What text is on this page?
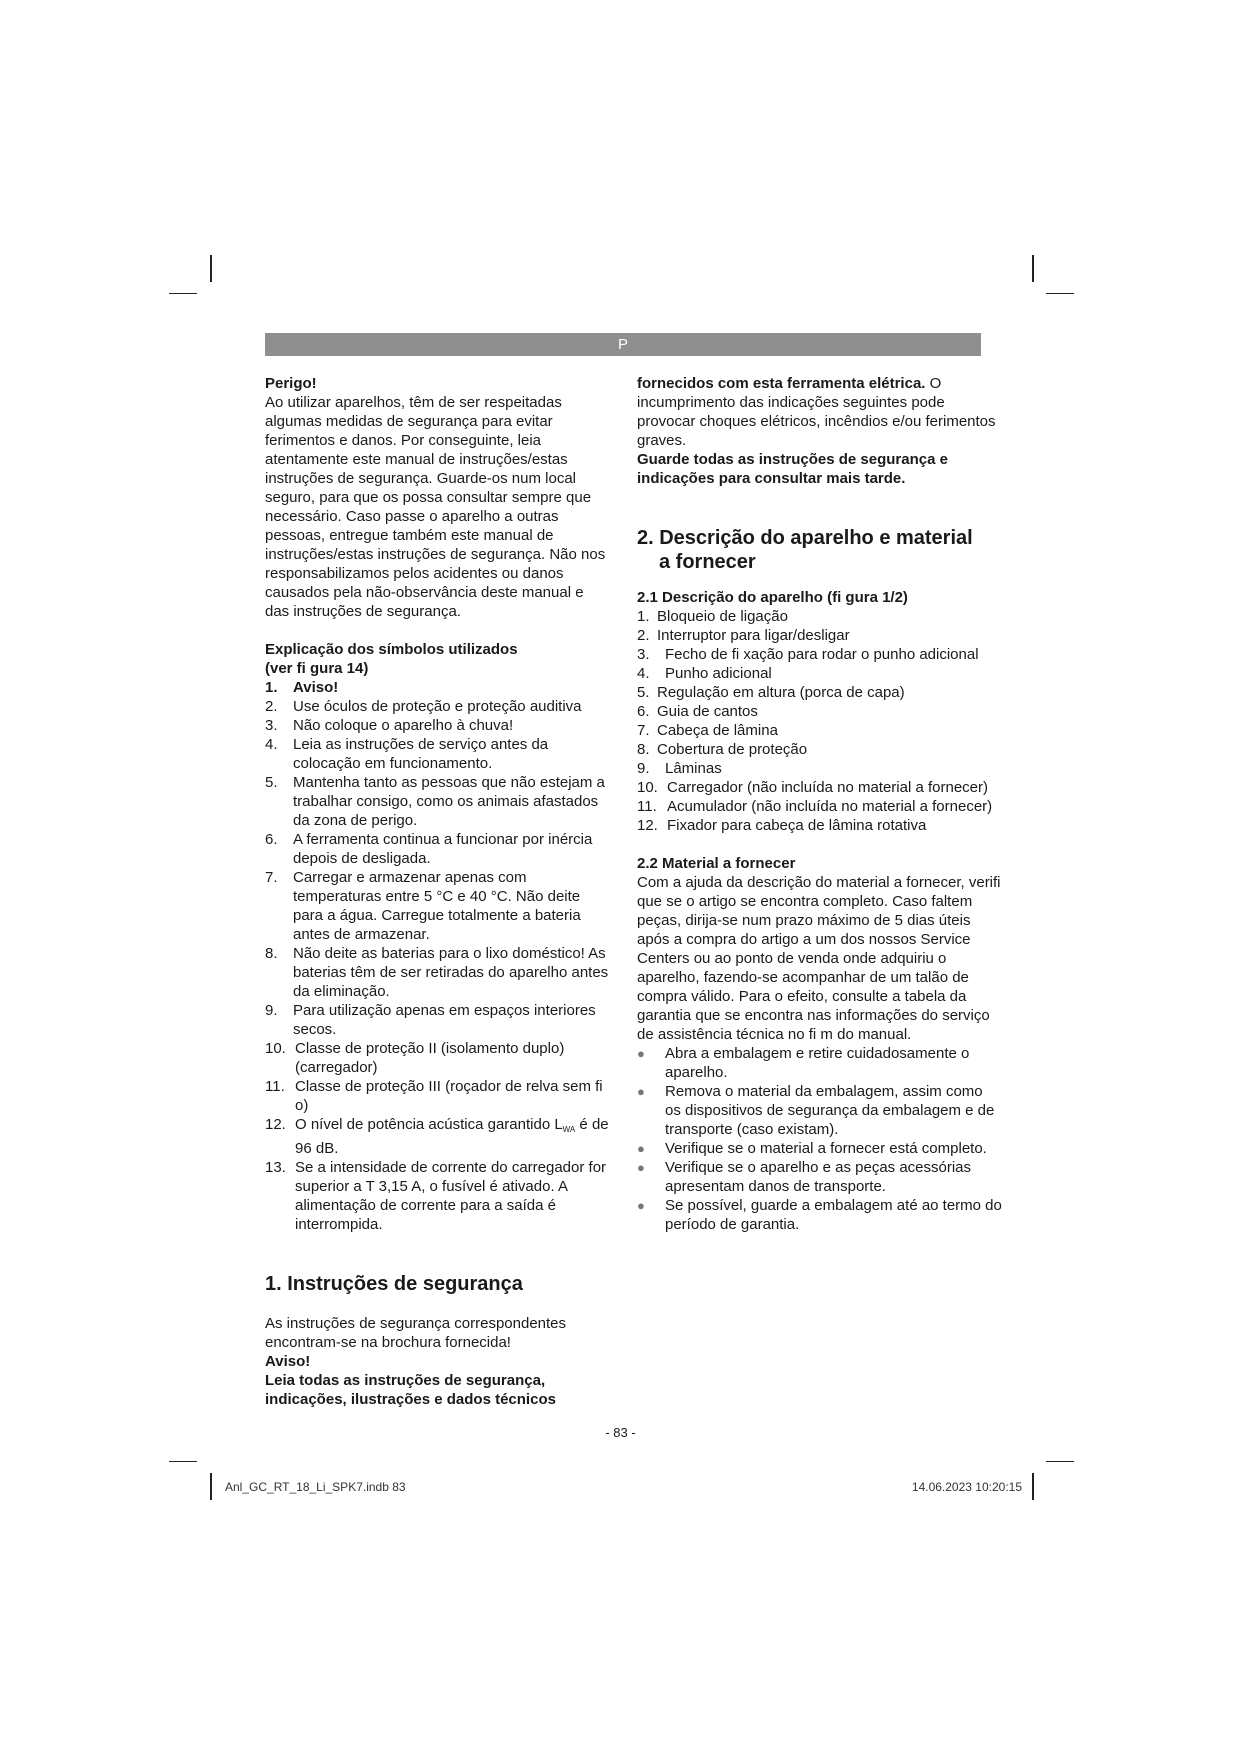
P

Perigo!

Ao utilizar aparelhos, têm de ser respeitadas algumas medidas de segurança para evitar ferimentos e danos. Por conseguinte, leia atentamente este manual de instruções/estas instruções de segurança. Guarde-os num local seguro, para que os possa consultar sempre que necessário. Caso passe o aparelho a outras pessoas, entregue também este manual de instruções/estas instruções de segurança. Não nos responsabilizamos pelos acidentes ou danos causados pela não-observância deste manual e das instruções de segurança.

Explicação dos símbolos utilizados
(ver fi gura 14)
1. Aviso!
2. Use óculos de proteção e proteção auditiva
3. Não coloque o aparelho à chuva!
4. Leia as instruções de serviço antes da colocação em funcionamento.
5. Mantenha tanto as pessoas que não estejam a trabalhar consigo, como os animais afastados da zona de perigo.
6. A ferramenta continua a funcionar por inércia depois de desligada.
7. Carregar e armazenar apenas com temperaturas entre 5 °C e 40 °C. Não deite para a água. Carregue totalmente a bateria antes de armazenar.
8. Não deite as baterias para o lixo doméstico! As baterias têm de ser retiradas do aparelho antes da eliminação.
9. Para utilização apenas em espaços interiores secos.
10. Classe de proteção II (isolamento duplo) (carregador)
11. Classe de proteção III (roçador de relva sem fi o)
12. O nível de potência acústica garantido $L_{WA}$ é de 96 dB.
13. Se a intensidade de corrente do carregador for superior a T 3,15 A, o fusível é ativado. A alimentação de corrente para a saída é interrompida.
1. Instruções de segurança

As instruções de segurança correspondentes encontram-se na brochura fornecida!

Aviso!

Leia todas as instruções de segurança, indicações, ilustrações e dados técnicos

fornecidos com esta ferramenta elétrica. O incumprimento das indicações seguintes pode provocar choques elétricos, incêndios e/ou ferimentos graves.

Guarde todas as instruções de segurança e indicações para consultar mais tarde.

2. Descrição do aparelho e material
a fornecer
2.1 Descrição do aparelho (fi gura 1/2)
1. Bloqueio de ligação
2. Interruptor para ligar/desligar
3. Fecho de fi xação para rodar o punho adicional
4. Punho adicional
5. Regulação em altura (porca de capa)
6. Guia de cantos
7. Cabeça de lâmina
8. Cobertura de proteção
9. Lâminas
10. Carregador (não incluída no material a fornecer)
11. Acumulador (não incluída no material a fornecer)
12. Fixador para cabeça de lâmina rotativa
2.2 Material a fornecer

Com a ajuda da descrição do material a fornecer, verifi que se o artigo se encontra completo. Caso faltem peças, dirija-se num prazo máximo de 5 dias úteis após a compra do artigo a um dos nossos Service Centers ou ao ponto de venda onde adquiriu o aparelho, fazendo-se acompanhar de um talão de compra válido. Para o efeito, consulte a tabela da garantia que se encontra nas informações do serviço de assistência técnica no fi m do manual.

● Abra a embalagem e retire cuidadosamente o aparelho.
● Remova o material da embalagem, assim como os dispositivos de segurança da embalagem e de transporte (caso existam).
● Verifique se o material a fornecer está completo.
● Verifique se o aparelho e as peças acessórias apresentam danos de transporte.
● Se possível, guarde a embalagem até ao termo do período de garantia.
- 83 -
Anl_GC_RT_18_Li_SPK7.indb 83	14.06.2023 10:20:15
